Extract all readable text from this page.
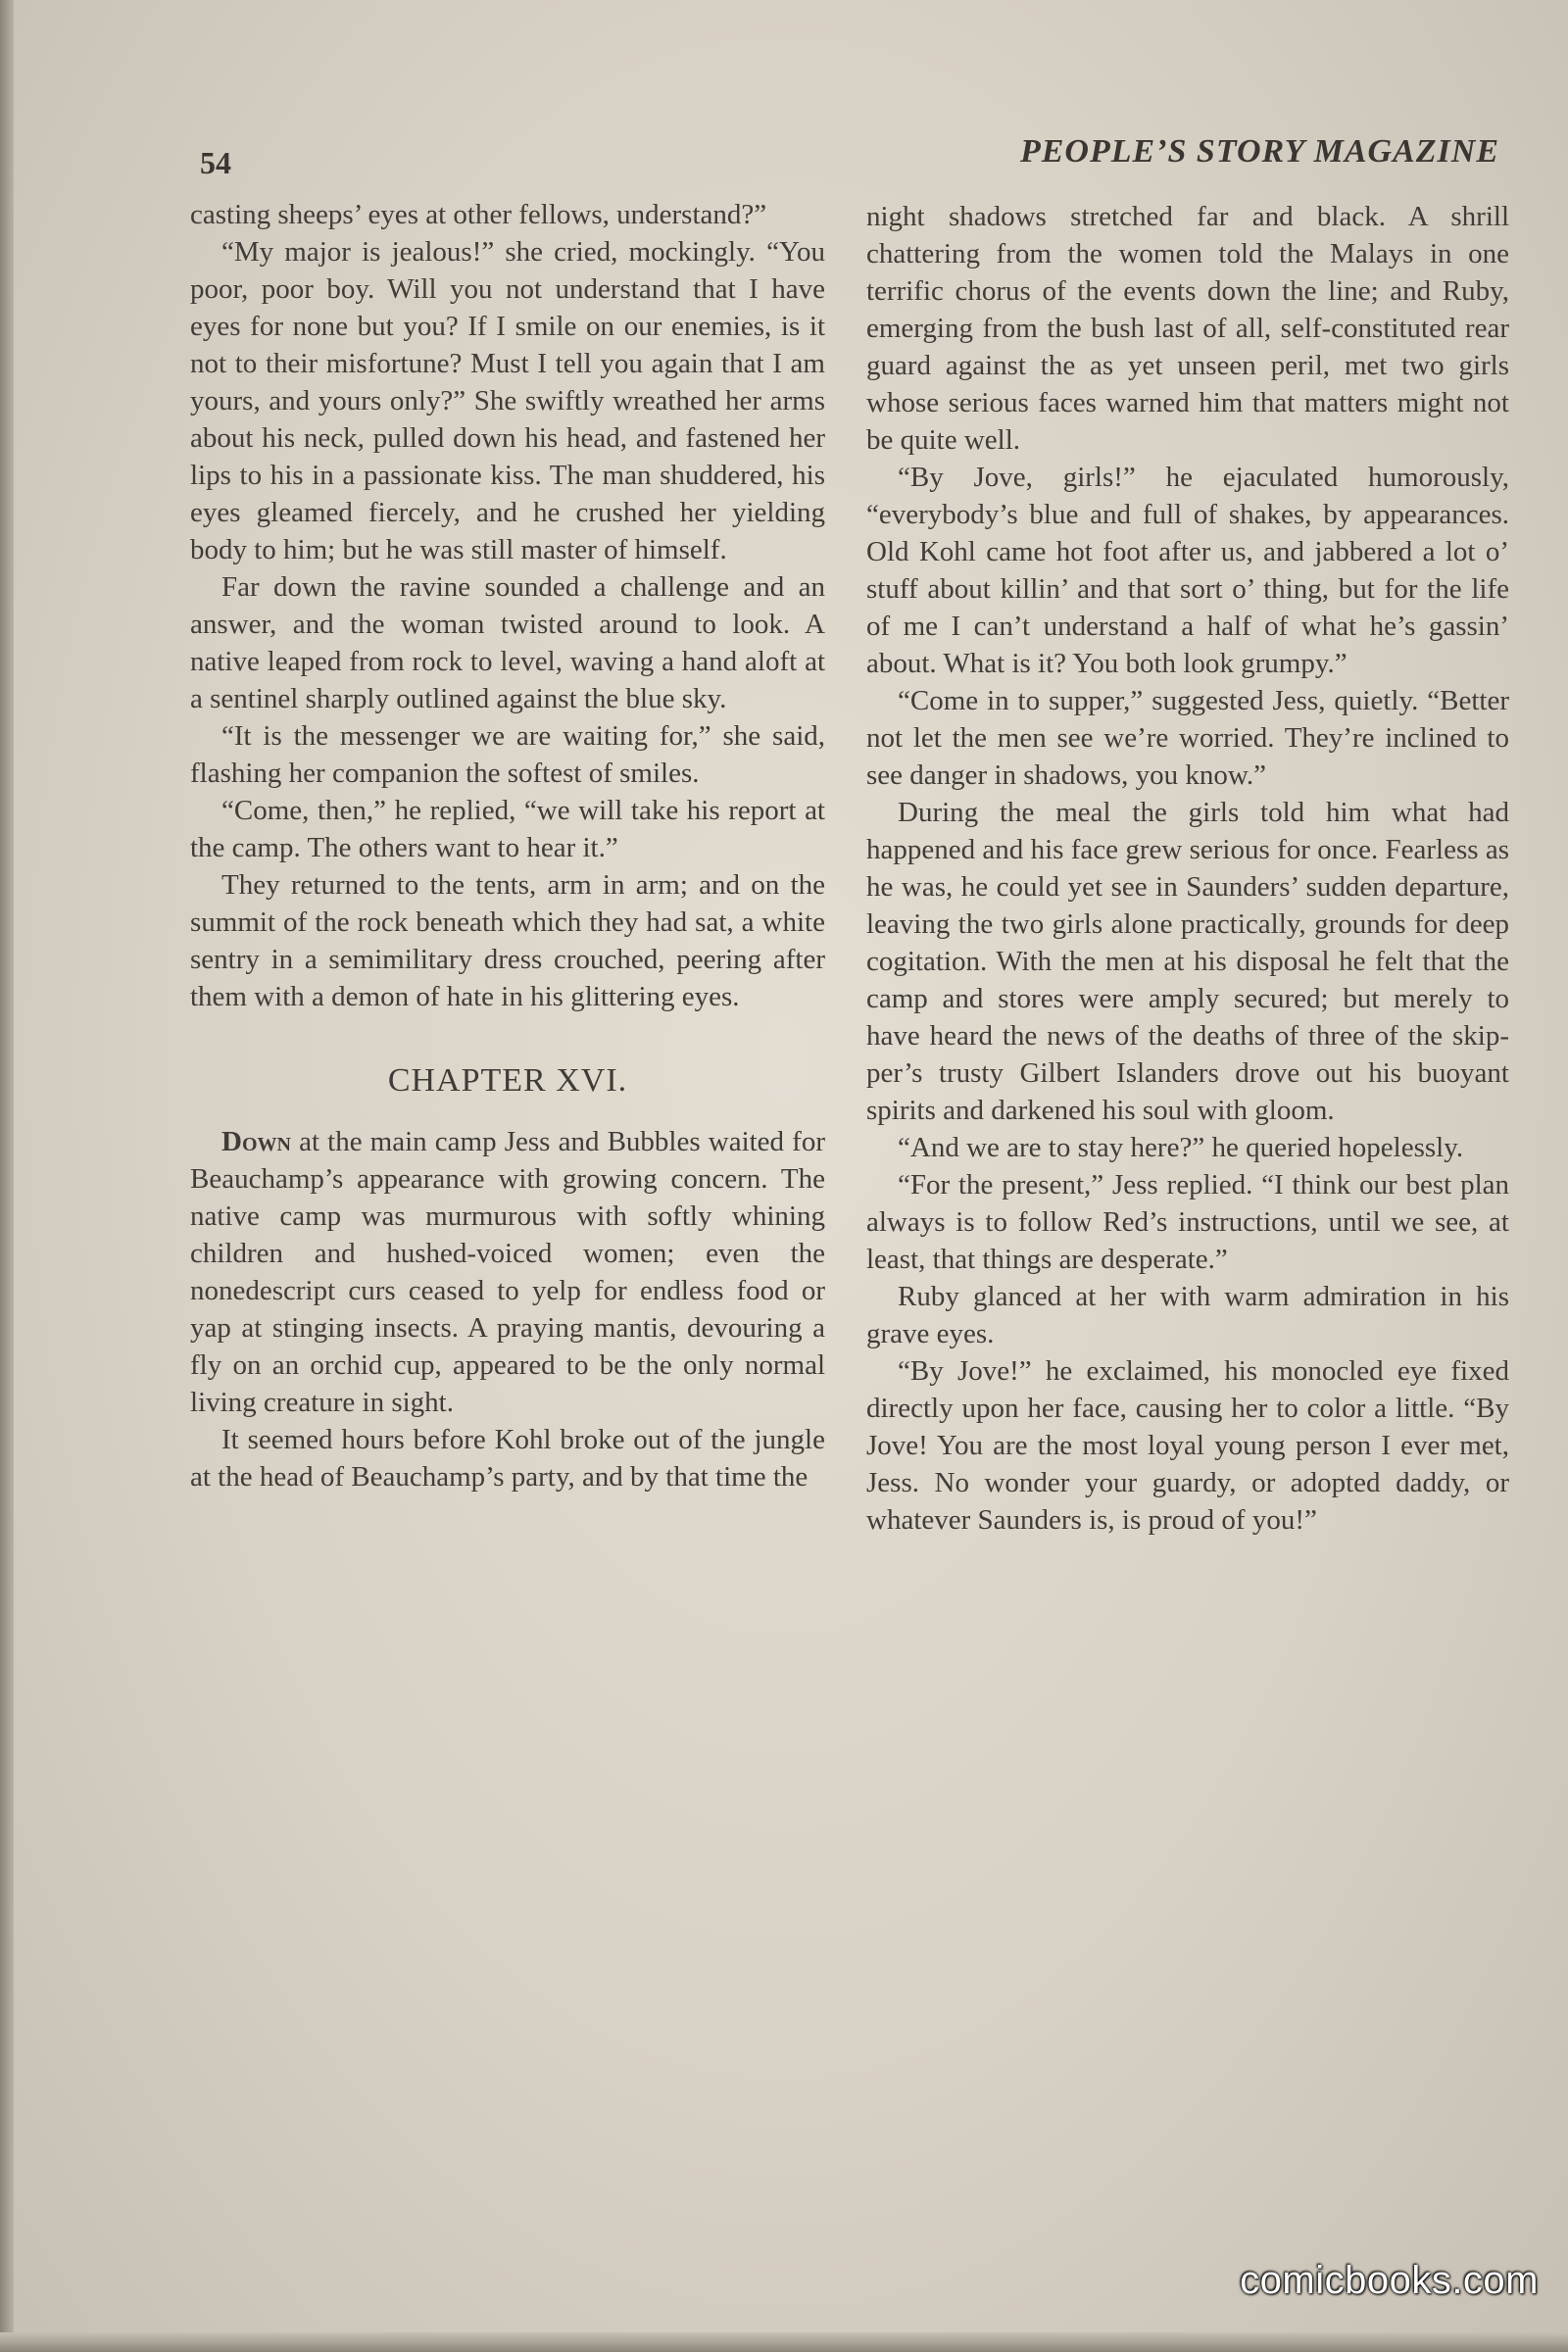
54	PEOPLE’S STORY MAGAZINE

casting sheeps’ eyes at other fellows, understand?”

“My major is jealous!” she cried, mockingly. “You poor, poor boy. Will you not understand that I have eyes for none but you? If I smile on our enemies, is it not to their misfortune? Must I tell you again that I am yours, and yours only?” She swiftly wreathed her arms about his neck, pulled down his head, and fastened her lips to his in a passionate kiss. The man shuddered, his eyes gleamed fiercely, and he crushed her yielding body to him; but he was still master of himself.

Far down the ravine sounded a challenge and an answer, and the woman twisted around to look. A native leaped from rock to level, waving a hand aloft at a sentinel sharply outlined against the blue sky.

“It is the messenger we are waiting for,” she said, flashing her companion the softest of smiles.

“Come, then,” he replied, “we will take his report at the camp. The others want to hear it.”

They returned to the tents, arm in arm; and on the summit of the rock beneath which they had sat, a white sentry in a semimilitary dress crouched, peering after them with a demon of hate in his glittering eyes.

CHAPTER XVI.

Down at the main camp Jess and Bubbles waited for Beauchamp’s appearance with growing concern. The native camp was murmurous with softly whining children and hushed-voiced women; even the nonedescript curs ceased to yelp for endless food or yap at stinging insects. A praying mantis, devouring a fly on an orchid cup, appeared to be the only normal living creature in sight.

It seemed hours before Kohl broke out of the jungle at the head of Beauchamp’s party, and by that time the

night shadows stretched far and black. A shrill chattering from the women told the Malays in one terrific chorus of the events down the line; and Ruby, emerging from the bush last of all, self-constituted rear guard against the as yet unseen peril, met two girls whose serious faces warned him that matters might not be quite well.

“By Jove, girls!” he ejaculated humorously, “everybody’s blue and full of shakes, by appearances. Old Kohl came hot foot after us, and jabbered a lot o’ stuff about killin’ and that sort o’ thing, but for the life of me I can’t understand a half of what he’s gassin’ about. What is it? You both look grumpy.”

“Come in to supper,” suggested Jess, quietly. “Better not let the men see we’re worried. They’re inclined to see danger in shadows, you know.”

During the meal the girls told him what had happened and his face grew serious for once. Fearless as he was, he could yet see in Saunders’ sudden departure, leaving the two girls alone practically, grounds for deep cogitation. With the men at his disposal he felt that the camp and stores were amply secured; but merely to have heard the news of the deaths of three of the skipper’s trusty Gilbert Islanders drove out his buoyant spirits and darkened his soul with gloom.

“And we are to stay here?” he queried hopelessly.

“For the present,” Jess replied. “I think our best plan always is to follow Red’s instructions, until we see, at least, that things are desperate.”

Ruby glanced at her with warm admiration in his grave eyes.

“By Jove!” he exclaimed, his monocled eye fixed directly upon her face, causing her to color a little. “By Jove! You are the most loyal young person I ever met, Jess. No wonder your guardy, or adopted daddy, or whatever Saunders is, is proud of you!”

comicbooks.com
